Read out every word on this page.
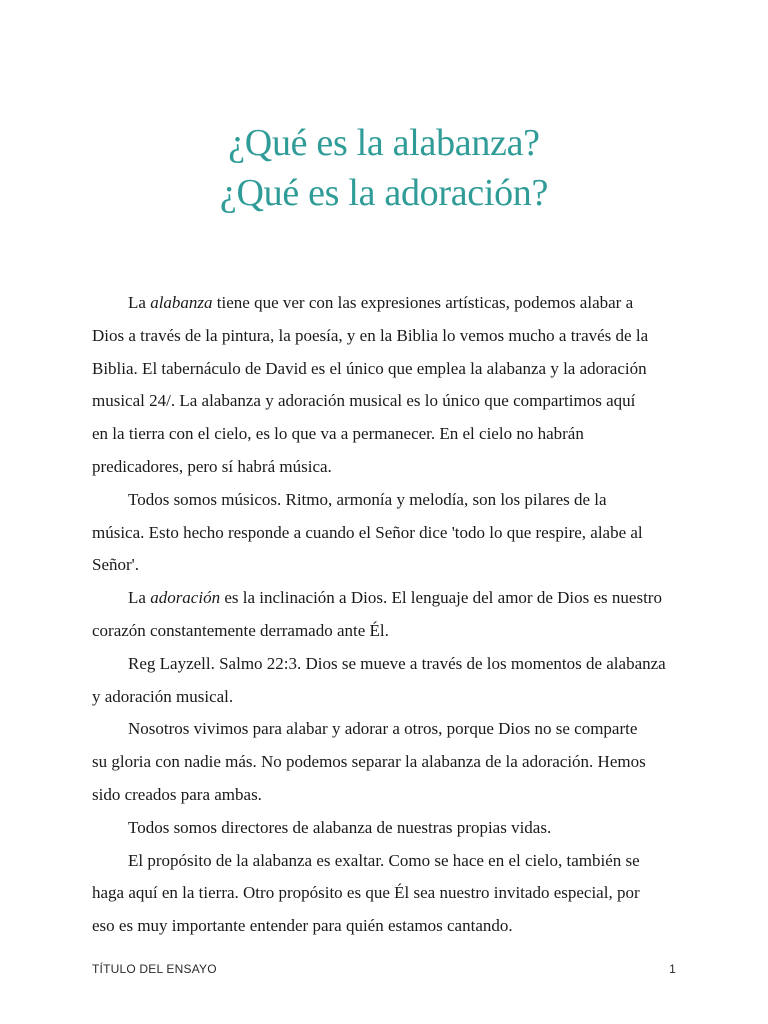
¿Qué es la alabanza?
¿Qué es la adoración?

La alabanza tiene que ver con las expresiones artísticas, podemos alabar a
Dios a través de la pintura, la poesía, y en la Biblia lo vemos mucho a través de la
Biblia. El tabernáculo de David es el único que emplea la alabanza y la adoración
musical 24/. La alabanza y adoración musical es lo único que compartimos aquí
en la tierra con el cielo, es lo que va a permanecer. En el cielo no habrán
predicadores, pero sí habrá música.

Todos somos músicos. Ritmo, armonía y melodía, son los pilares de la
música. Esto hecho responde a cuando el Señor dice 'todo lo que respire, alabe al
Señor'.

La adoración es la inclinación a Dios. El lenguaje del amor de Dios es nuestro
corazón constantemente derramado ante Él.

Reg Layzell. Salmo 22:3. Dios se mueve a través de los momentos de alabanza
y adoración musical.

Nosotros vivimos para alabar y adorar a otros, porque Dios no se comparte
su gloria con nadie más. No podemos separar la alabanza de la adoración. Hemos
sido creados para ambas.

Todos somos directores de alabanza de nuestras propias vidas.

El propósito de la alabanza es exaltar. Como se hace en el cielo, también se
haga aquí en la tierra. Otro propósito es que Él sea nuestro invitado especial, por
eso es muy importante entender para quién estamos cantando.

TÍTULO DEL ENSAYO	1
